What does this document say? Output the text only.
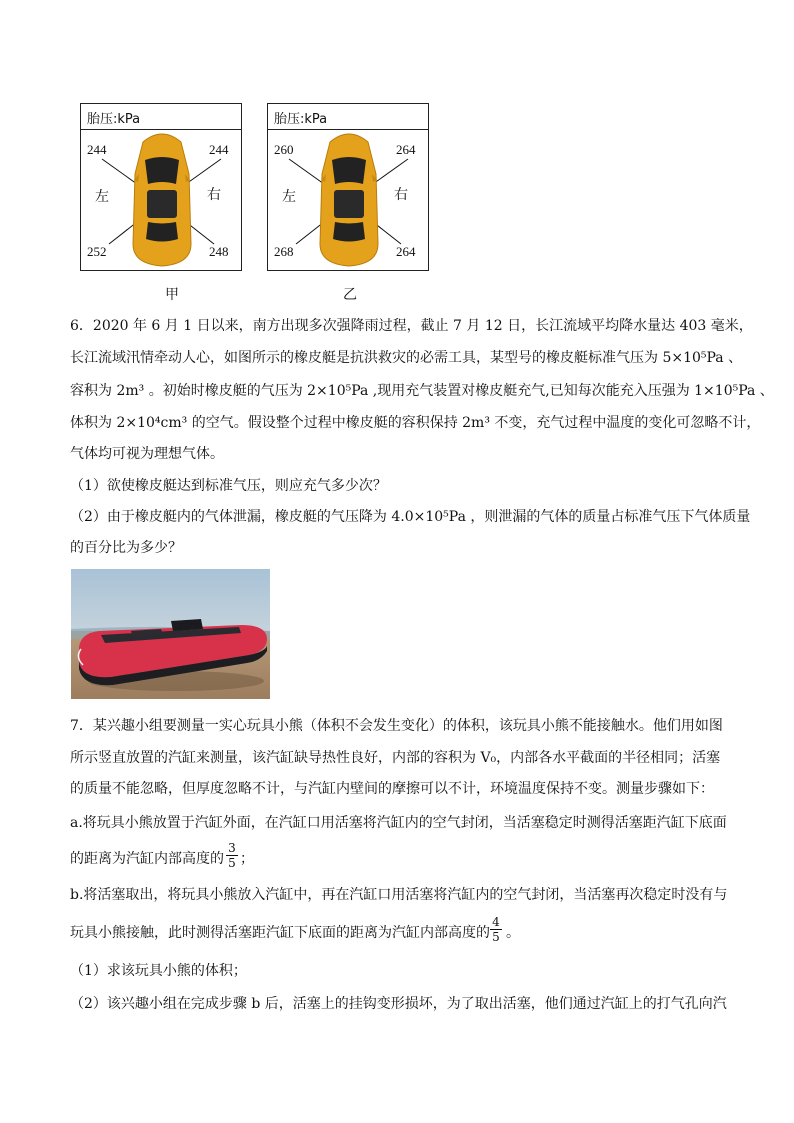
胎压:kPa
244	244
252	248
左	右
甲
胎压:kPa
260	264
268	264
左	右
乙
6．2020 年 6 月 1 日以来，南方出现多次强降雨过程，截止 7 月 12 日，长江流域平均降水量达 403 毫米，
长江流域汛情牵动人心，如图所示的橡皮艇是抗洪救灾的必需工具，某型号的橡皮艇标准气压为 5×10⁵Pa 、
容积为 2m³ 。初始时橡皮艇的气压为 2×10⁵Pa ,现用充气装置对橡皮艇充气,已知每次能充入压强为 1×10⁵Pa 、
体积为 2×10⁴cm³ 的空气。假设整个过程中橡皮艇的容积保持 2m³ 不变，充气过程中温度的变化可忽略不计，
气体均可视为理想气体。
（1）欲使橡皮艇达到标准气压，则应充气多少次？
（2）由于橡皮艇内的气体泄漏，橡皮艇的气压降为 4.0×10⁵Pa ，则泄漏的气体的质量占标准气压下气体质量
的百分比为多少？
7．某兴趣小组要测量一实心玩具小熊（体积不会发生变化）的体积，该玩具小熊不能接触水。他们用如图
所示竖直放置的汽缸来测量，该汽缸缺导热性良好，内部的容积为 V₀，内部各水平截面的半径相同；活塞
的质量不能忽略，但厚度忽略不计，与汽缸内壁间的摩擦可以不计，环境温度保持不变。测量步骤如下：
a.将玩具小熊放置于汽缸外面，在汽缸口用活塞将汽缸内的空气封闭，当活塞稳定时测得活塞距汽缸下底面
的距离为汽缸内部高度的 ；
3
5
b.将活塞取出，将玩具小熊放入汽缸中，再在汽缸口用活塞将汽缸内的空气封闭，当活塞再次稳定时没有与
玩具小熊接触，此时测得活塞距汽缸下底面的距离为汽缸内部高度的 。
4
5
（1）求该玩具小熊的体积；
（2）该兴趣小组在完成步骤 b 后，活塞上的挂钩变形损坏，为了取出活塞，他们通过汽缸上的打气孔向汽
